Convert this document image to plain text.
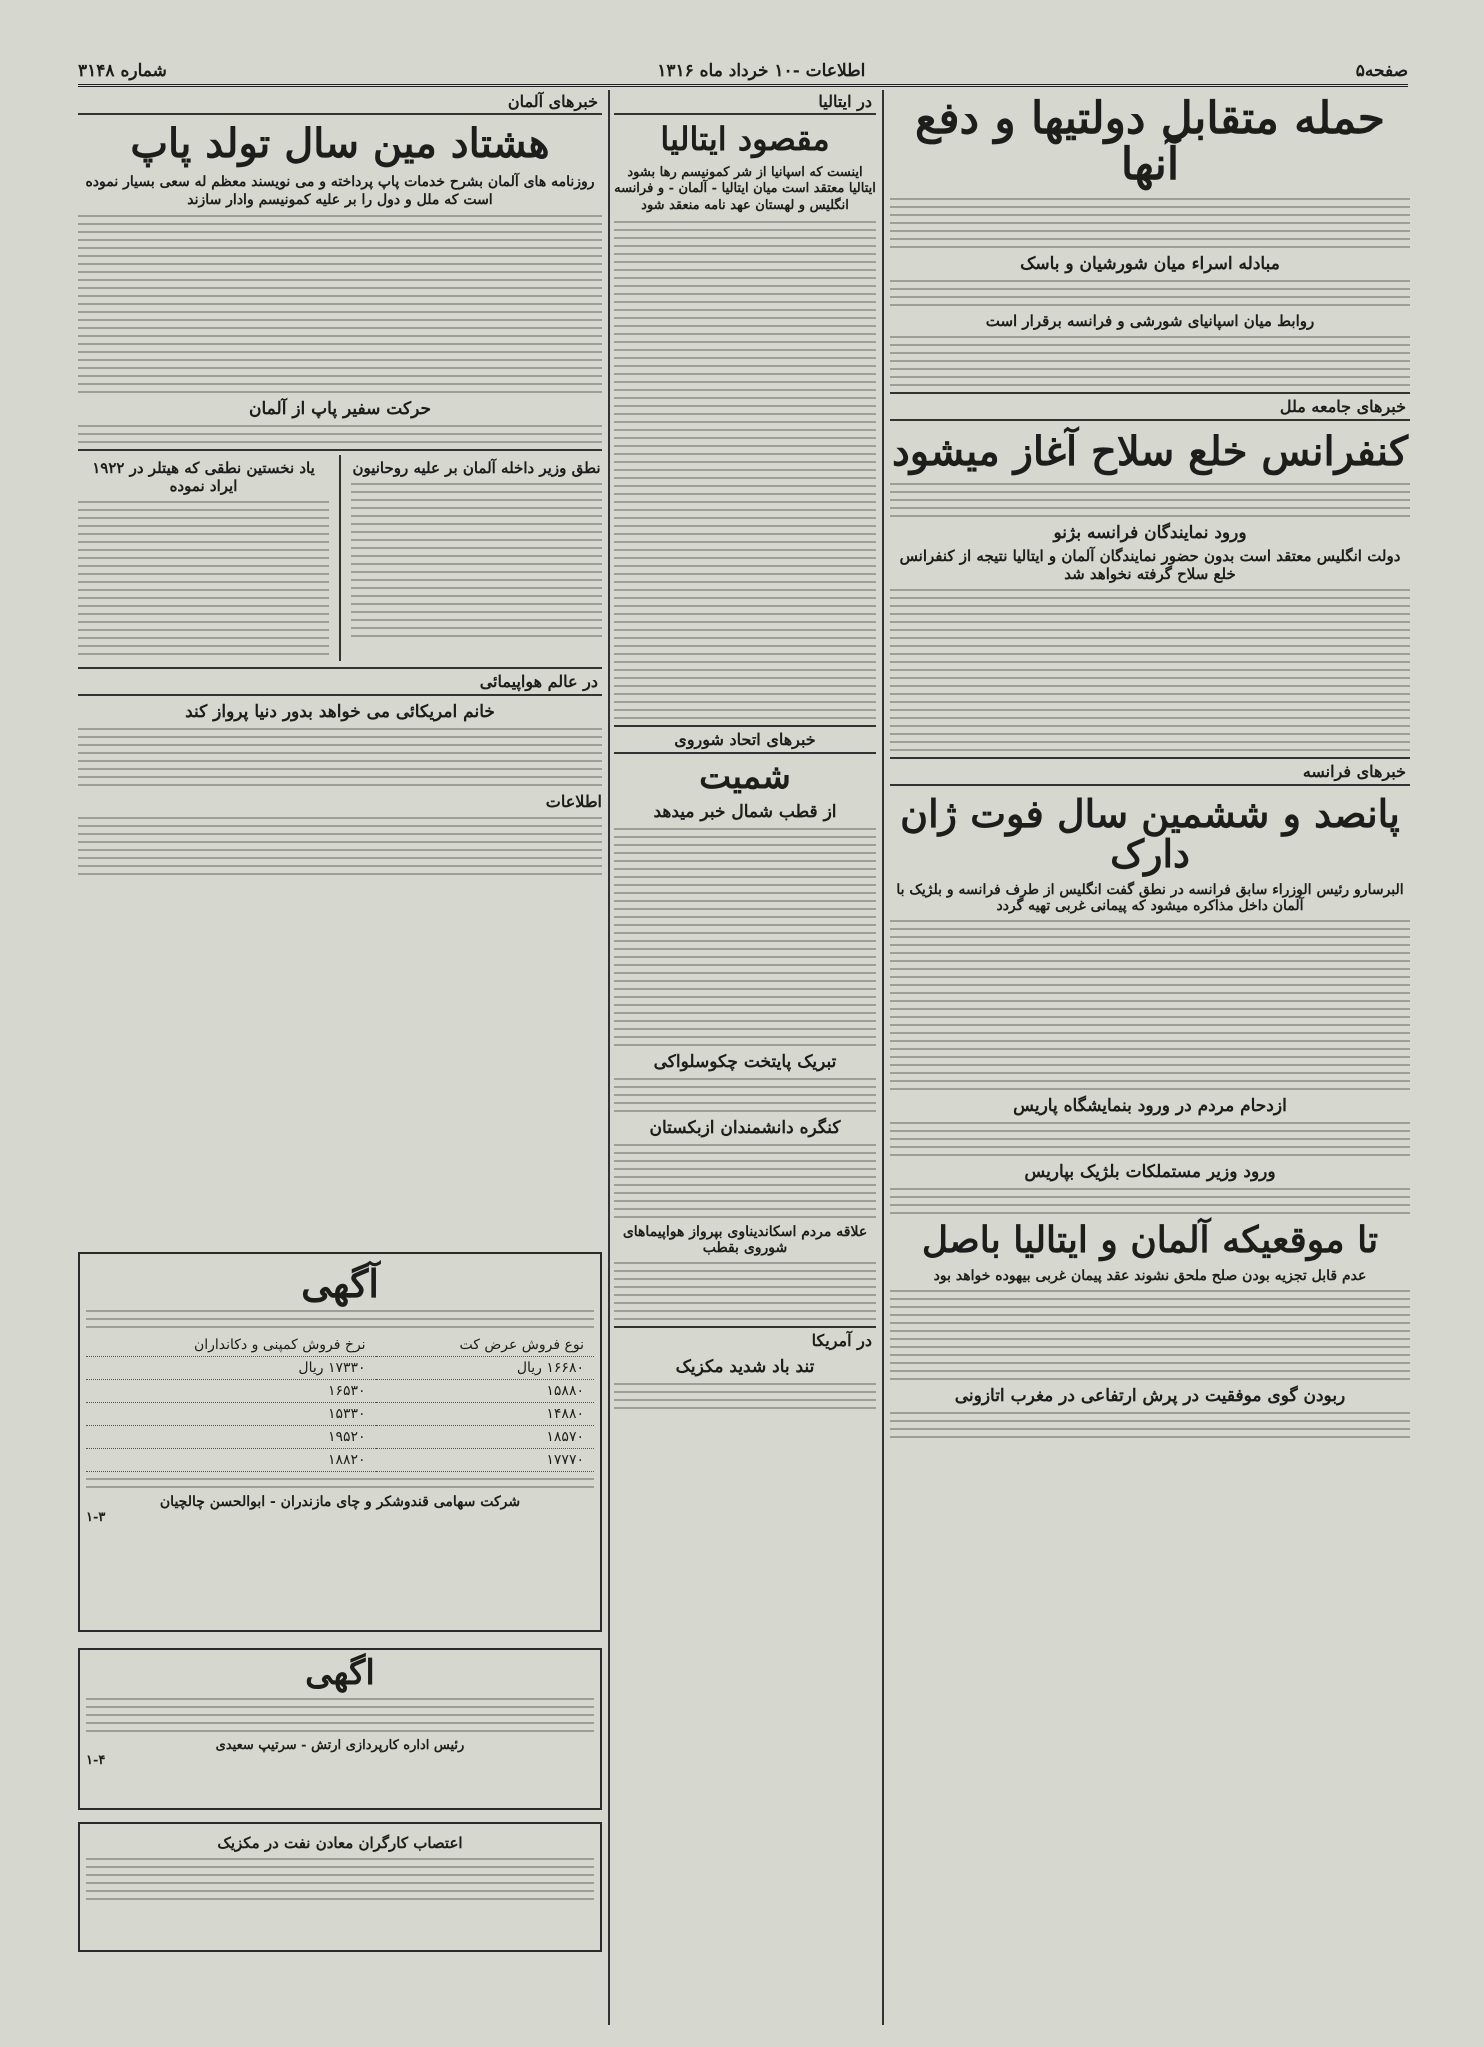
صفحه۵
اطلاعات -۱۰ خرداد ماه ۱۳۱۶
شماره ۳۱۴۸
حمله متقابل دولتیها و دفع آنها
مبادله اسراء میان شورشیان و باسک
روابط میان اسپانیای شورشی و فرانسه برقرار است
خبرهای جامعه ملل
کنفرانس خلع سلاح آغاز میشود
ورود نمایندگان فرانسه بژنو
دولت انگلیس معتقد است بدون حضور نمایندگان آلمان و ایتالیا نتیجه از کنفرانس خلع سلاح گرفته نخواهد شد
خبرهای فرانسه
پانصد و ششمین سال فوت ژان دارک
البرسارو رئیس الوزراء سابق فرانسه در نطق گفت انگلیس از طرف فرانسه و بلژیک با آلمان داخل مذاکره میشود که پیمانی غربی تهیه گردد
ازدحام مردم در ورود بنمایشگاه پاریس
ورود وزیر مستملکات بلژیک بپاریس
تا موقعیکه آلمان و ایتالیا باصل
عدم قابل تجزیه بودن صلح ملحق نشوند عقد پیمان غربی بیهوده خواهد بود
ربودن گوی موفقیت در پرش ارتفاعی در مغرب اتازونی
در ایتالیا
مقصود ایتالیا
اینست که اسپانیا از شر کمونیسم رها بشود ایتالیا معتقد است میان ایتالیا - آلمان - و فرانسه انگلیس و لهستان عهد نامه منعقد شود
خبرهای اتحاد شوروی
شمیت
از قطب شمال خبر میدهد
تبریک پایتخت چکوسلواکی
کنگره دانشمندان ازبکستان
علاقه مردم اسکاندیناوی بپرواز هواپیماهای شوروی بقطب
در آمریکا
تند باد شدید مکزیک
خبرهای آلمان
هشتاد مین سال تولد پاپ
روزنامه های آلمان بشرح خدمات پاپ پرداخته و می نویسند معظم له سعی بسیار نموده است که ملل و دول را بر علیه کمونیسم وادار سازند
حرکت سفیر پاپ از آلمان
نطق وزیر داخله آلمان بر علیه روحانیون
یاد نخستین نطقی که هیتلر در ۱۹۲۲ ایراد نموده
در عالم هواپیمائی
خانم امریکائی می خواهد بدور دنیا پرواز کند
اطلاعات
آگهی
نوع فروش عرض کت	نرخ فروش کمپنی و دکانداران
۱۶۶۸۰ ریال	۱۷۳۳۰ ریال
۱۵۸۸۰	۱۶۵۳۰
۱۴۸۸۰	۱۵۳۳۰
۱۸۵۷۰	۱۹۵۲۰
۱۷۷۷۰	۱۸۸۲۰
شرکت سهامی قندوشکر و چای مازندران - ابوالحسن چالچیان
۱-۳
اگهی
رئیس اداره کارپردازی ارتش - سرتیپ سعیدی
۱-۴
اعتصاب کارگران معادن نفت در مکزیک
